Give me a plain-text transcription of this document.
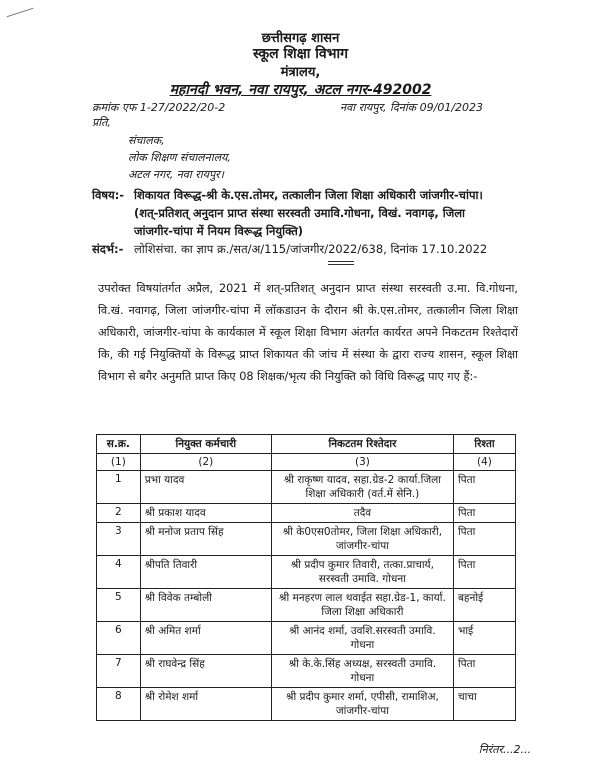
छत्तीसगढ़ शासन
स्कूल शिक्षा विभाग
मंत्रालय,
महानदी भवन, नवा रायपुर, अटल नगर-492002
क्रमांक एफ 1-27/2022/20-2	नवा रायपुर, दिनांक 09/01/2023
प्रति,
संचालक,
लोक शिक्षण संचालनालय,
अटल नगर, नवा रायपुर।
विषय:- शिकायत विरूद्ध-श्री के.एस.तोमर, तत्कालीन जिला शिक्षा अधिकारी जांजगीर-चांपा।
(शत्-प्रतिशत् अनुदान प्राप्त संस्था सरस्वती उमावि.गोधना, विखं. नवागढ़, जिला
जांजगीर-चांपा में नियम विरूद्ध नियुक्ति)
संदर्भ:- लोशिसंचा. का ज्ञाप क्र./सत/अ/115/जांजगीर/2022/638, दिनांक 17.10.2022
उपरोक्त विषयांतर्गत अप्रैल, 2021 में शत्-प्रतिशत् अनुदान प्राप्त संस्था सरस्वती उ.मा. वि.गोधना, वि.खं. नवागढ़, जिला जांजगीर-चांपा में लॉकडाउन के दौरान श्री के.एस.तोमर, तत्कालीन जिला शिक्षा अधिकारी, जांजगीर-चांपा के कार्यकाल में स्कूल शिक्षा विभाग अंतर्गत कार्यरत अपने निकटतम रिश्तेदारों कि, की गई नियुक्तियों के विरूद्ध प्राप्त शिकायत की जांच में संस्था के द्वारा राज्य शासन, स्कूल शिक्षा विभाग से बगैर अनुमति प्राप्त किए 08 शिक्षक/भृत्य की नियुक्ति को विधि विरूद्ध पाए गए हैं:-
स.क्र.	नियुक्त कर्मचारी	निकटतम रिश्तेदार	रिश्ता
(1)	(2)	(3)	(4)
1	प्रभा यादव	श्री राकृष्ण यादव, सहा.ग्रेड-2 कार्या.जिला शिक्षा अधिकारी (वर्त.में सेनि.)	पिता
2	श्री प्रकाश यादव	तदैव	पिता
3	श्री मनोज प्रताप सिंह	श्री के0एस0तोमर, जिला शिक्षा अधिकारी, जांजगीर-चांपा	पिता
4	श्रीपति तिवारी	श्री प्रदीप कुमार तिवारी, तत्का.प्राचार्य, सरस्वती उमावि. गोधना	पिता
5	श्री विवेक तम्बोली	श्री मनहरण लाल थवाईत सहा.ग्रेड-1, कार्या. जिला शिक्षा अधिकारी	बहनोई
6	श्री अमित शर्मा	श्री आनंद शर्मा, उवशि.सरस्वती उमावि. गोधना	भाई
7	श्री राघवेन्द्र सिंह	श्री के.के.सिंह अध्यक्ष, सरस्वती उमावि. गोधना	पिता
8	श्री रोमेश शर्मा	श्री प्रदीप कुमार शर्मा, एपीसी, रामाशिअ, जांजगीर-चांपा	चाचा
निरंतर...2...
